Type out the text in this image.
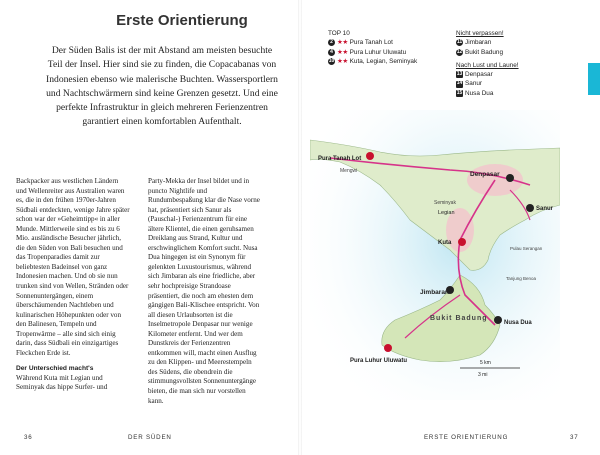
Erste Orientierung

Der Süden Balis ist der mit Abstand am meisten besuchte Teil der Insel. Hier sind sie zu finden, die Copacabanas von Indonesien ebenso wie malerische Buchten. Wassersportlern und Nachtschwärmern sind keine Grenzen gesetzt. Und eine perfekte Infrastruktur in gleich mehreren Ferienzentren garantiert einen komfortablen Aufenthalt.

Backpacker aus westlichen Ländern und Wellenreiter aus Australien waren es, die in den frühen 1970er-Jahren Südbali entdeckten, wenige Jahre später schon war der »Geheimtipp« in aller Munde. Mittlerweile sind es bis zu 6 Mio. ausländische Besucher jährlich, die den Süden von Bali besuchen und das Tropenparadies damit zur beliebtesten Badeinsel von ganz Indonesien machen. Und ob sie nun trunken sind von Wellen, Stränden oder Sonnenuntergängen, einem überschäumenden Nachtleben und kulinarischen Höhepunkten oder von den Balinesen, Tempeln und Tropenwärme – alle sind sich einig darin, dass Südbali ein einzigartiges Fleckchen Erde ist.

Der Unterschied macht's

Während Kuta mit Legian und Seminyak das hippe Surfer- und

Party-Mekka der Insel bildet und in puncto Nightlife und Rundumbespaßung klar die Nase vorne hat, präsentiert sich Sanur als (Pauschal-) Ferienzentrum für eine ältere Klientel, die einen geruhsamen Dreiklang aus Strand, Kultur und erschwinglichem Komfort sucht. Nusa Dua hingegen ist ein Synonym für gelenkten Luxustourismus, während sich Jimbaran als eine friedliche, aber sehr hochpreisige Strandoase präsentiert, die noch am ehesten dem gängigen Bali-Klischee entspricht. Von all diesen Urlaubsorten ist die Inselmetropole Denpasar nur wenige Kilometer entfernt. Und wer dem Dunstkreis der Ferienzentren entkommen will, macht einen Ausflug zu den Klippen- und Meerestempeln des Südens, die obendrein die stimmungsvollsten Sonnenuntergänge bieten, die man sich nur vorstellen kann.

36	DER SÜDEN
TOP 10
2 ★★ Pura Tanah Lot
4 ★★ Pura Luhur Uluwatu
10 ★★ Kuta, Legian, Seminyak
Nicht verpassen!
11 Jimbaran
12 Bukit Badung
Nach Lust und Laune!
13 Denpasar
14 Sanur
15 Nusa Dua
Pura Tanah Lot
Mengwi	Denpasar
Sanur
Legian
Seminyak
Kuta
Jimbaran
Nusa Dua
Bukit Badung
Pulau Serangan
Tanjung Benoa
Pura Luhur Uluwatu	5 km
3 mi
ERSTE ORIENTIERUNG	37
